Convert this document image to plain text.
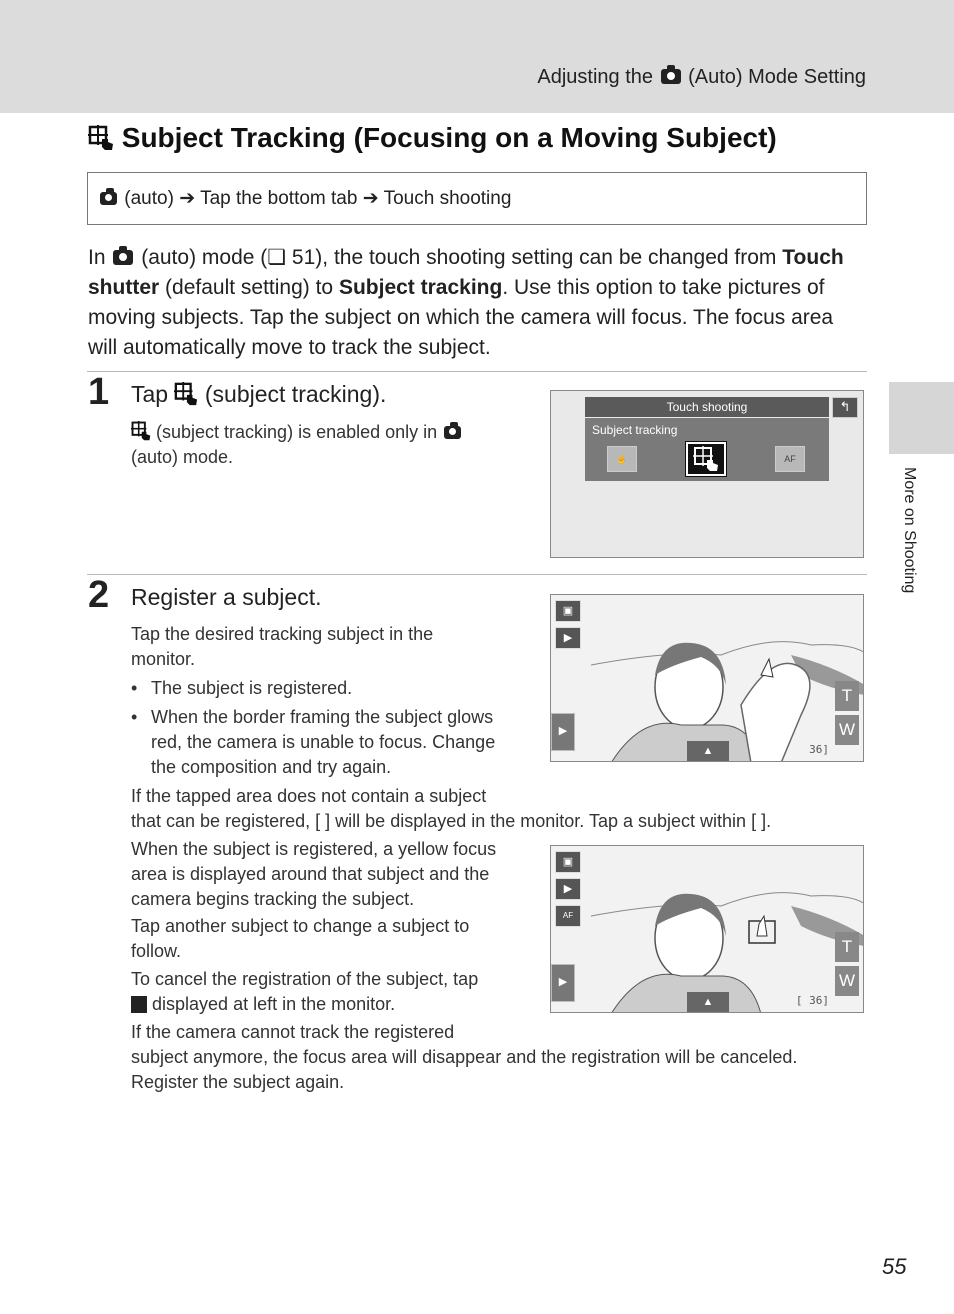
Adjusting the (Auto) Mode Setting
Subject Tracking (Focusing on a Moving Subject)
(auto) ➔ Tap the bottom tab ➔ Touch shooting
In (auto) mode (❏ 51), the touch shooting setting can be changed from Touch shutter (default setting) to Subject tracking. Use this option to take pictures of moving subjects. Tap the subject on which the camera will focus. The focus area will automatically move to track the subject.
1 Tap (subject tracking).
(subject tracking) is enabled only in
(auto) mode.
Touch shooting	↰
Subject tracking
☝	AF
2 Register a subject.
Tap the desired tracking subject in the monitor.
• The subject is registered.
• When the border framing the subject glows red, the camera is unable to focus. Change the composition and try again.
If the tapped area does not contain a subject
that can be registered, [ ] will be displayed in the monitor. Tap a subject within [ ].
When the subject is registered, a yellow focus area is displayed around that subject and the camera begins tracking the subject.
Tap another subject to change a subject to follow.
To cancel the registration of the subject, tap
displayed at left in the monitor.
If the camera cannot track the registered
subject anymore, the focus area will disappear and the registration will be canceled.
Register the subject again.
▣
▶
▶
T
W
▲	36]
▣
▶
AF
▶
T
W
▲	[ 36]
More on Shooting
55
